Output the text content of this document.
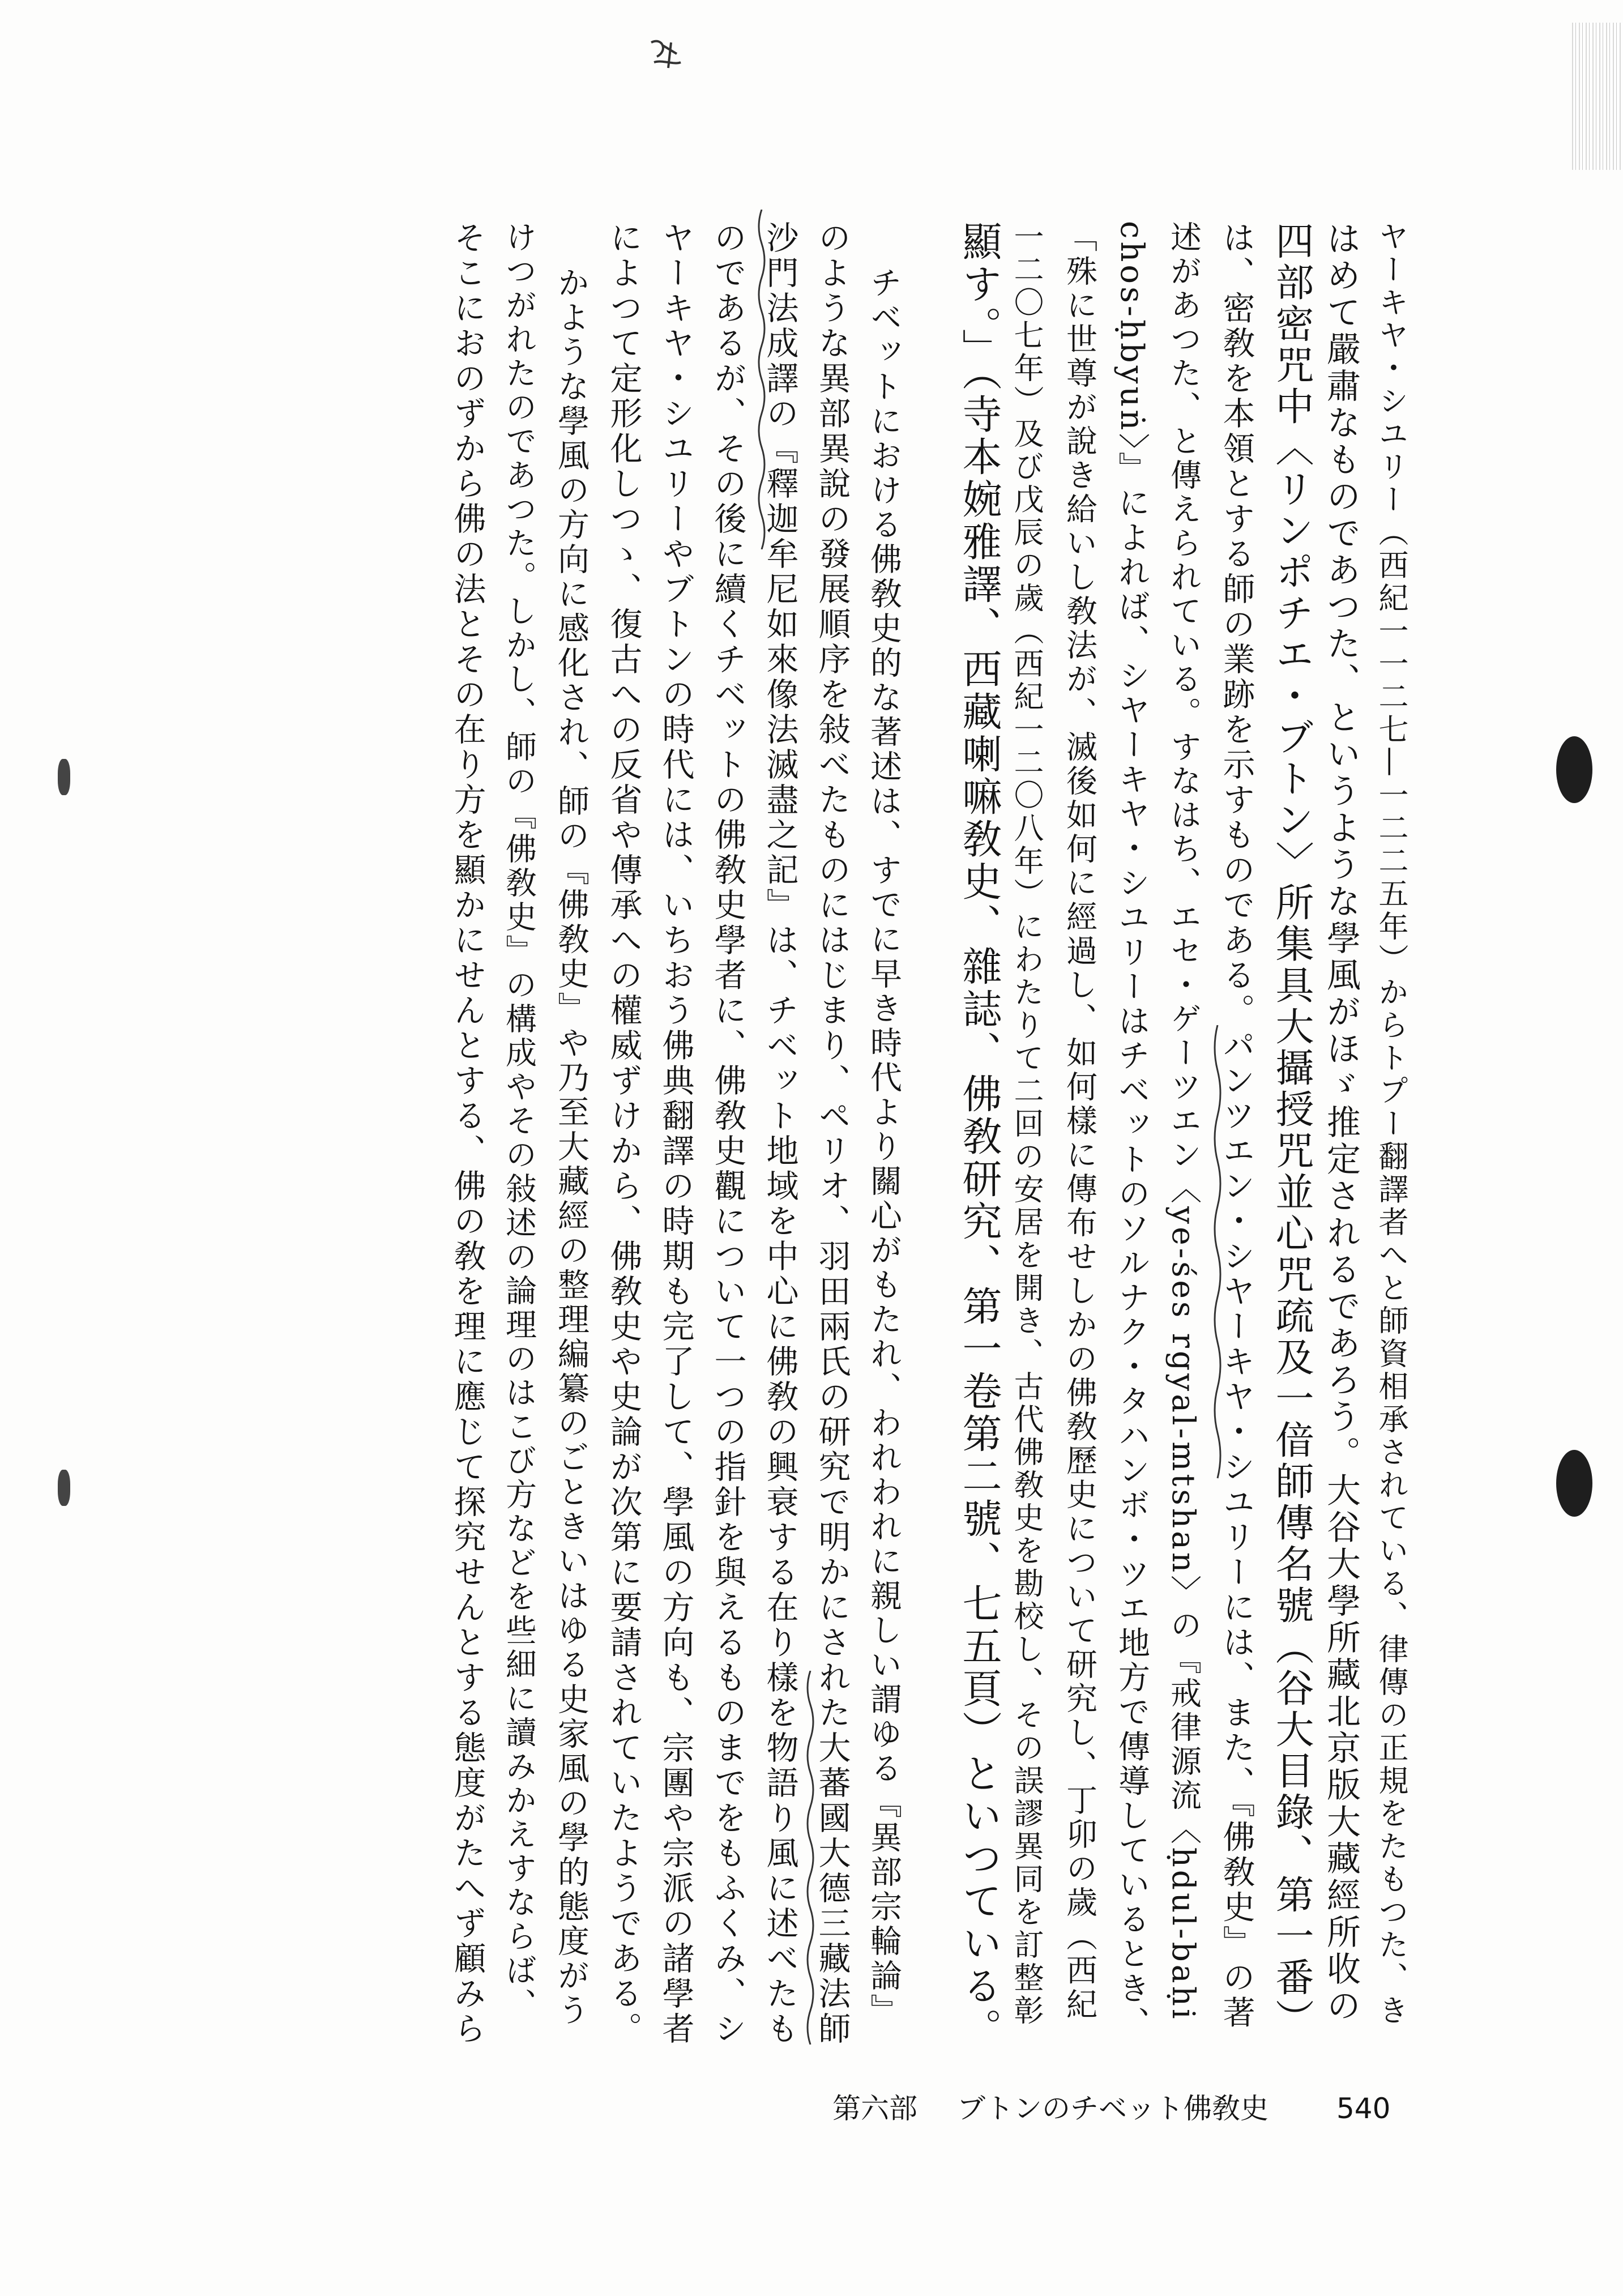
ヤーキヤ・シユリー（西紀一一二七—一二二五年）からトプー翻譯者へと師資相承されている、律傳の正規をたもつた、き
はめて嚴肅なものであつた、というような學風がほゞ推定されるであろう。大谷大學所藏北京版大藏經所收の
四部密咒中〈リンポチエ・ブトン〉所集具大攝授咒並心咒疏及一偣師傳名號（谷大目錄、第一番）
は、密敎を本領とする師の業跡を示すものである。パンツエン・シヤーキヤ・シユリーには、また、『佛敎史』の著
述があつた、と傳えられている。すなはち、エセ・ゲーツエン〈ye-śes rgyal-mtshan〉の『戒律源流〈ḥdul-baḥi
chos-ḥbyuṅ〉』によれば、シヤーキヤ・シユリーはチベットのソルナク・タハンボ・ツエ地方で傳導しているとき、
「殊に世尊が說き給いし敎法が、滅後如何に經過し、如何樣に傳布せしかの佛敎歷史について研究し、丁卯の歲（西紀
一二〇七年）及び戊辰の歲（西紀一二〇八年）にわたりて二回の安居を開き、古代佛敎史を勘校し、その誤謬異同を訂整彰
顯す。」（寺本婉雅譯、西藏喇嘛敎史、雜誌、佛敎研究、第一卷第二號、七五頁）といつている。
チベットにおける佛敎史的な著述は、すでに早き時代より關心がもたれ、われわれに親しい謂ゆる『異部宗輪論』
のような異部異說の發展順序を敍べたものにはじまり、ペリオ、羽田兩氏の研究で明かにされた大蕃國大德三藏法師
沙門法成譯の『釋迦牟尼如來像法滅盡之記』は、チベット地域を中心に佛敎の興衰する在り樣を物語り風に述べたも
のであるが、その後に續くチベットの佛敎史學者に、佛敎史觀について一つの指針を與えるものまでをもふくみ、シ
ヤーキヤ・シユリーやブトンの時代には、いちおう佛典翻譯の時期も完了して、學風の方向も、宗團や宗派の諸學者
によつて定形化しつゝ、復古への反省や傳承への權威ずけから、佛敎史や史論が次第に要請されていたようである。
かような學風の方向に感化され、師の『佛敎史』や乃至大藏經の整理編纂のごときいはゆる史家風の學的態度がう
けつがれたのであつた。しかし、師の『佛敎史』の構成やその敍述の論理のはこび方などを些細に讀みかえすならば、
そこにおのずから佛の法とその在り方を顯かにせんとする、佛の敎を理に應じて探究せんとする態度がたへず顧みら
第六部 ブトンのチベット佛敎史 540
